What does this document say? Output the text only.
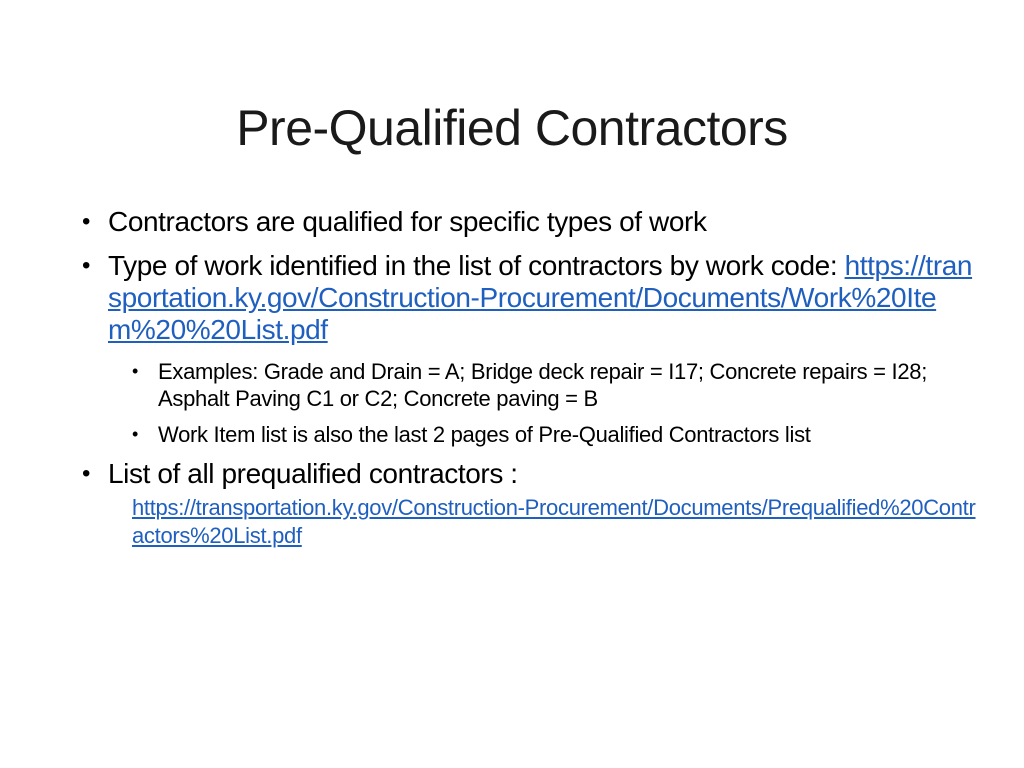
Pre-Qualified Contractors
• Contractors are qualified for specific types of work
• Type of work identified in the list of contractors by work code: https://transportation.ky.gov/Construction-Procurement/Documents/Work%20Item%20%20List.pdf
• Examples: Grade and Drain = A; Bridge deck repair = I17; Concrete repairs = I28; Asphalt Paving C1 or C2; Concrete paving = B
• Work Item list is also the last 2 pages of Pre-Qualified Contractors list
• List of all prequalified contractors :
https://transportation.ky.gov/Construction-Procurement/Documents/Prequalified%20Contractors%20List.pdf
